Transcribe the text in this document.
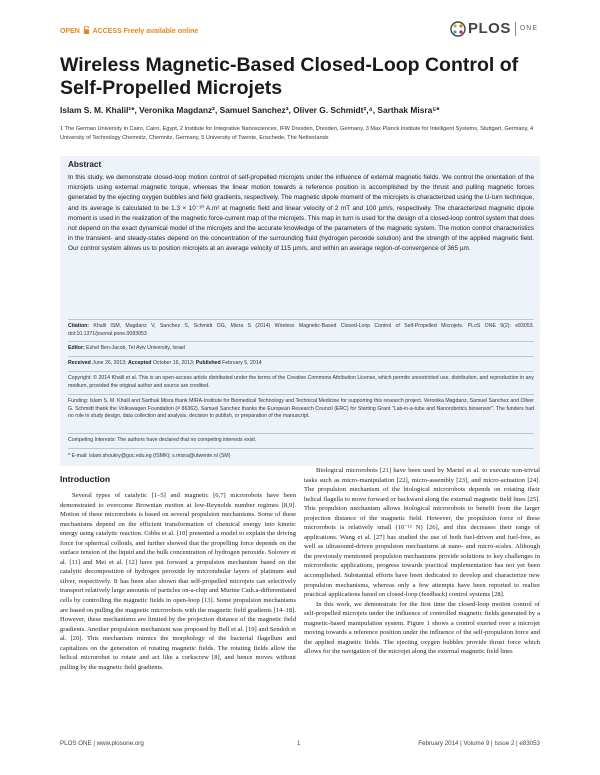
OPEN ACCESS Freely available online	PLOS ONE
Wireless Magnetic-Based Closed-Loop Control of Self-Propelled Microjets
Islam S. M. Khalil¹*, Veronika Magdanz², Samuel Sanchez³, Oliver G. Schmidt²,⁴, Sarthak Misra⁵*
1 The German University in Cairo, Cairo, Egypt, 2 Institute for Integrative Nanosciences, IFW Dresden, Dresden, Germany, 3 Max Planck Institute for Intelligent Systems, Stuttgart, Germany, 4 University of Technology Chemnitz, Chemnitz, Germany, 5 University of Twente, Enschede, The Netherlands
Abstract
In this study, we demonstrate closed-loop motion control of self-propelled microjets under the influence of external magnetic fields. We control the orientation of the microjets using external magnetic torque, whereas the linear motion towards a reference position is accomplished by the thrust and pulling magnetic forces generated by the ejecting oxygen bubbles and field gradients, respectively. The magnetic dipole moment of the microjets is characterized using the U-turn technique, and its average is calculated to be 1.3 × 10⁻¹⁰ A.m² at magnetic field and linear velocity of 2 mT and 100 µm/s, respectively. The characterized magnetic dipole moment is used in the realization of the magnetic force-current map of the microjets. This map in turn is used for the design of a closed-loop control system that does not depend on the exact dynamical model of the microjets and the accurate knowledge of the parameters of the magnetic system. The motion control characteristics in the transient- and steady-states depend on the concentration of the surrounding fluid (hydrogen peroxide solution) and the strength of the applied magnetic field. Our control system allows us to position microjets at an average velocity of 115 µm/s, and within an average region-of-convergence of 365 µm.
Citation: Khalil ISM, Magdanz V, Sanchez S, Schmidt OG, Misra S (2014) Wireless Magnetic-Based Closed-Loop Control of Self-Propelled Microjets. PLoS ONE 9(2): e83053. doi:10.1371/journal.pone.0083053
Editor: Eshel Ben-Jacob, Tel Aviv University, Israel
Received June 26, 2013; Accepted October 16, 2013; Published February 5, 2014
Copyright: © 2014 Khalil et al. This is an open-access article distributed under the terms of the Creative Commons Attribution License, which permits unrestricted use, distribution, and reproduction in any medium, provided the original author and source are credited.
Funding: Islam S. M. Khalil and Sarthak Misra thank MIRA-Institute for Biomedical Technology and Technical Medicine for supporting this research project. Veronika Magdanz, Samuel Sanchez and Oliver G. Schmidt thank the Volkswagen Foundation (# 86362). Samuel Sanchez thanks the European Research Council (ERC) for Starting Grant "Lab-in-a-tube and Nanorobotics biosensor". The funders had no role in study design, data collection and analysis, decision to publish, or preparation of the manuscript.
Competing Interests: The authors have declared that no competing interests exist.
* E-mail: islam.shoukry@guc.edu.eg (ISMK); s.misra@utwente.nl (SM)
Introduction

Several types of catalytic [1–5] and magnetic [6,7] microrobots have been demonstrated to overcome Brownian motion at low-Reynolds number regimes [8,9]. Motion of these microrobots is based on several propulsion mechanisms. Some of these mechanisms depend on the efficient transformation of chemical energy into kinetic energy using catalytic reaction. Gibbs et al. [10] presented a model to explain the driving force for spherical colloids, and further showed that the propelling force depends on the surface tension of the liquid and the bulk concentration of hydrogen peroxide. Solovev et al. [11] and Mei et al. [12] have put forward a propulsion mechanism based on the catalytic decomposition of hydrogen peroxide by microtubular layers of platinum and silver, respectively. It has been also shown that self-propelled microjets can selectively transport relatively large amounts of particles on-a-chip and Murine Cath.a-differentiated cells by controlling the magnetic fields in open-loop [13]. Some propulsion mechanisms are based on pulling the magnetic microrobots with the magnetic field gradients [14–18]. However, these mechanisms are limited by the projection distance of the magnetic field gradients. Another propulsion mechanism was proposed by Bell et al. [19] and Sendoh et al. [20]. This mechanism mimics the morphology of the bacterial flagellum and capitalizes on the generation of rotating magnetic fields. The rotating fields allow the helical microrobot to rotate and act like a corkscrew [8], and hence moves without pulling by the magnetic field gradients.

Biological microrobots [21] have been used by Martel et al. to execute non-trivial tasks such as micro-manipulation [22], micro-assembly [23], and micro-actuation [24]. The propulsion mechanism of the biological microrobots depends on rotating their helical flagella to move forward or backward along the external magnetic field lines [25]. This propulsion mechanism allows biological microrobots to benefit from the larger projection distance of the magnetic field. However, the propulsion force of these microrobots is relatively small (10⁻¹² N) [26], and this decreases their range of applications. Wang et al. [27] has studied the use of both fuel-driven and fuel-free, as well as ultrasound-driven propulsion mechanisms at nano- and micro-scales. Although the previously mentioned propulsion mechanisms provide solutions to key challenges in microrobotic applications, progress towards practical implementation has not yet been accomplished. Substantial efforts have been dedicated to develop and characterize new propulsion mechanisms, whereas only a few attempts have been reported to realize practical applications based on closed-loop (feedback) control systems [28].

In this work, we demonstrate for the first time the closed-loop motion control of self-propelled microjets under the influence of controlled magnetic fields generated by a magnetic-based manipulation system. Figure 1 shows a control exerted over a microjet moving towards a reference position under the influence of the self-propulsion force and the applied magnetic fields. The ejecting oxygen bubbles provide thrust force which allows for the navigation of the microjet along the external magnetic field lines

PLOS ONE | www.plosone.org	1	February 2014 | Volume 9 | Issue 2 | e83053
